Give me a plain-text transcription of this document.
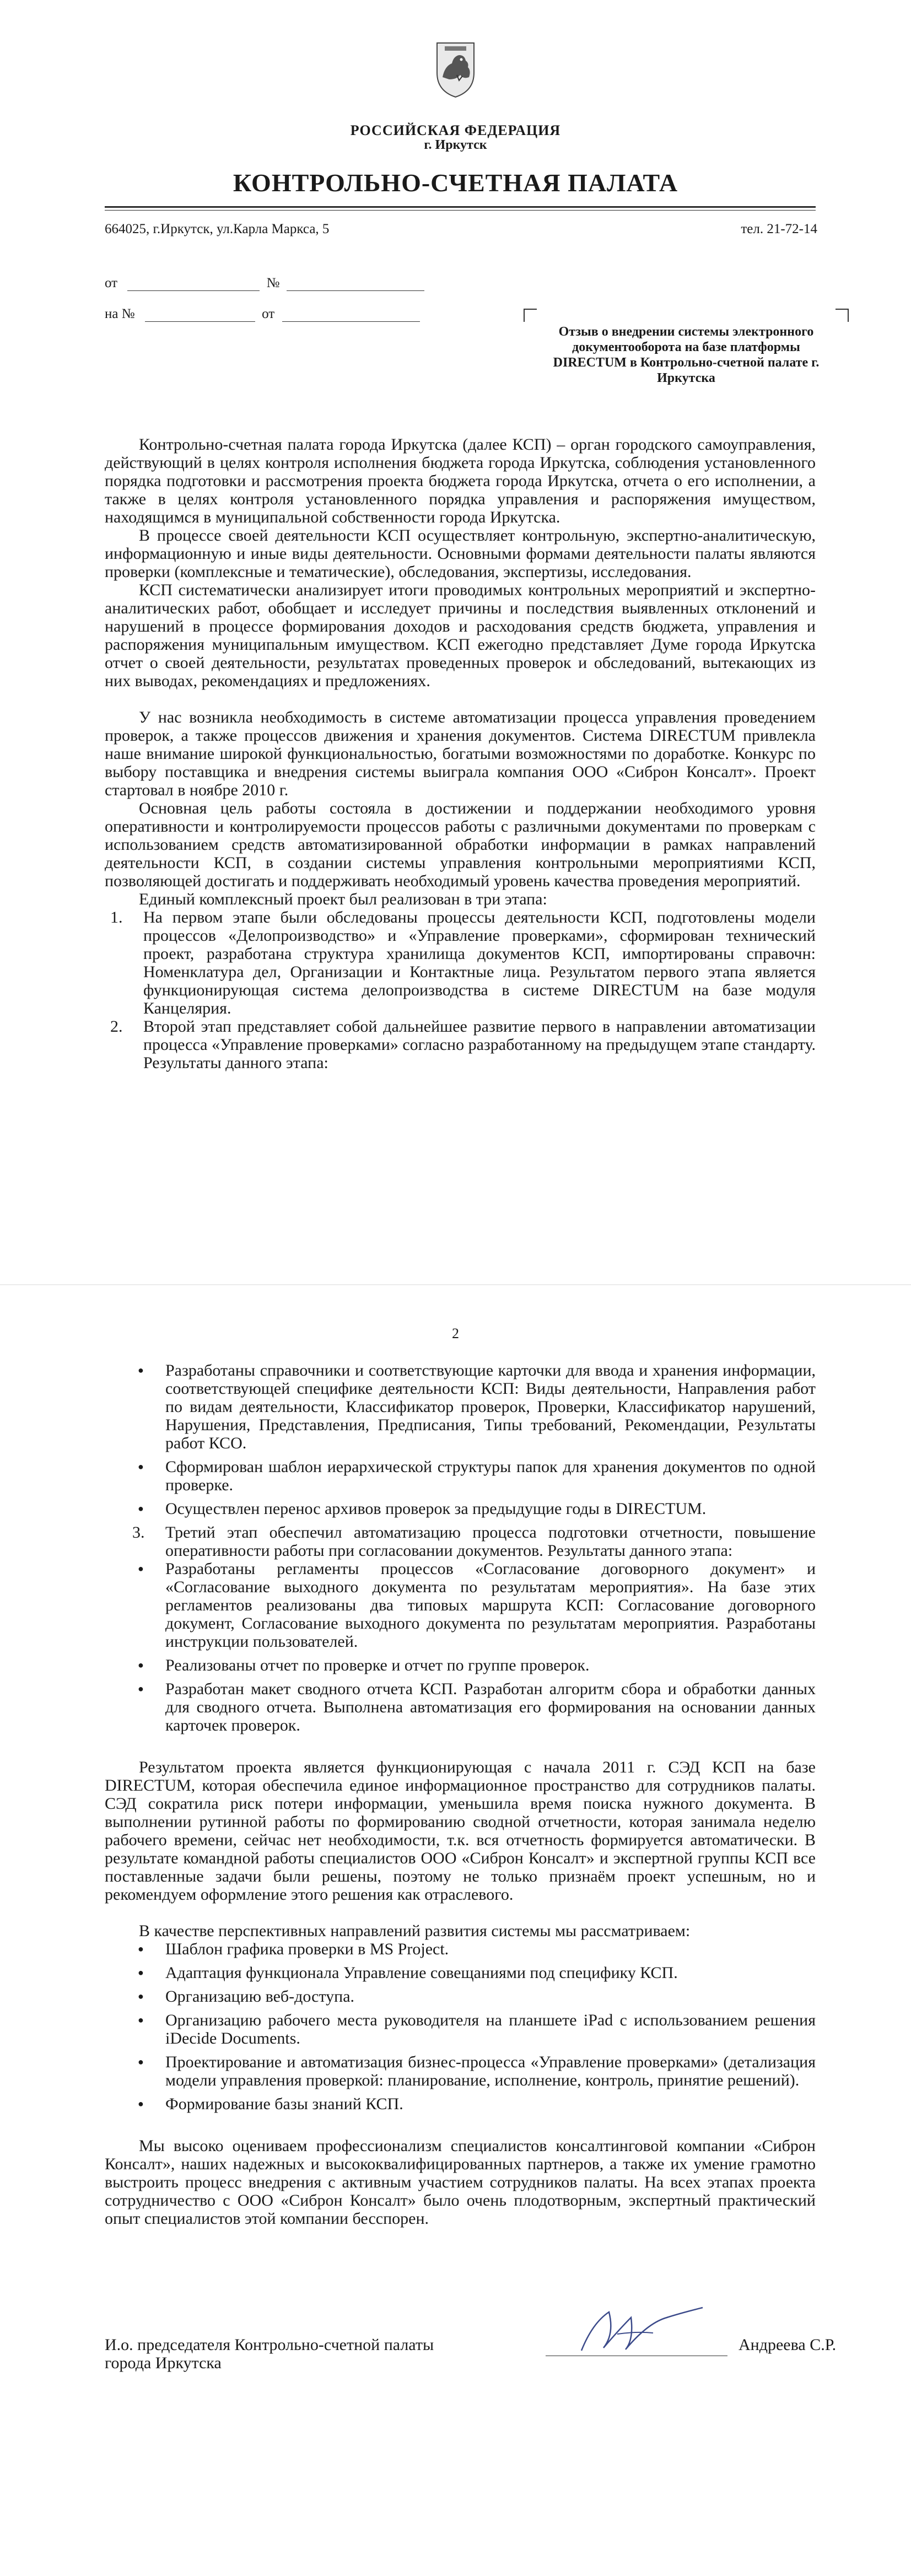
РОССИЙСКАЯ ФЕДЕРАЦИЯ
г. Иркутск
КОНТРОЛЬНО-СЧЕТНАЯ ПАЛАТА
664025, г.Иркутск, ул.Карла Маркса, 5	тел. 21-72-14
от	№
на №	от
Отзыв о внедрении системы электронного документооборота на базе платформы DIRECTUM в Контрольно-счетной палате г. Иркутска

Контрольно-счетная палата города Иркутска (далее КСП) – орган городского самоуправления, действующий в целях контроля исполнения бюджета города Иркутска, соблюдения установленного порядка подготовки и рассмотрения проекта бюджета города Иркутска, отчета о его исполнении, а также в целях контроля установленного порядка управления и распоряжения имуществом, находящимся в муниципальной собственности города Иркутска.

В процессе своей деятельности КСП осуществляет контрольную, экспертно-аналитическую, информационную и иные виды деятельности. Основными формами деятельности палаты являются проверки (комплексные и тематические), обследования, экспертизы, исследования.

КСП систематически анализирует итоги проводимых контрольных мероприятий и экспертно-аналитических работ, обобщает и исследует причины и последствия выявленных отклонений и нарушений в процессе формирования доходов и расходования средств бюджета, управления и распоряжения муниципальным имуществом. КСП ежегодно представляет Думе города Иркутска отчет о своей деятельности, результатах проведенных проверок и обследований, вытекающих из них выводах, рекомендациях и предложениях.

У нас возникла необходимость в системе автоматизации процесса управления проведением проверок, а также процессов движения и хранения документов. Система DIRECTUM привлекла наше внимание широкой функциональностью, богатыми возможностями по доработке. Конкурс по выбору поставщика и внедрения системы выиграла компания ООО «Сиброн Консалт». Проект стартовал в ноябре 2010 г.

Основная цель работы состояла в достижении и поддержании необходимого уровня оперативности и контролируемости процессов работы с различными документами по проверкам с использованием средств автоматизированной обработки информации в рамках направлений деятельности КСП, в создании системы управления контрольными мероприятиями КСП, позволяющей достигать и поддерживать необходимый уровень качества проведения мероприятий.

Единый комплексный проект был реализован в три этапа:

1.	На первом этапе были обследованы процессы деятельности КСП, подготовлены модели процессов «Делопроизводство» и «Управление проверками», сформирован технический проект, разработана структура хранилища документов КСП, импортированы справочн: Номенклатура дел, Организации и Контактные лица. Результатом первого этапа является функционирующая система делопроизводства в системе DIRECTUM на базе модуля Канцелярия.
2.	Второй этап представляет собой дальнейшее развитие первого в направлении автоматизации процесса «Управление проверками» согласно разработанному на предыдущем этапе стандарту. Результаты данного этапа:
2
● Разработаны справочники и соответствующие карточки для ввода и хранения информации, соответствующей специфике деятельности КСП: Виды деятельности, Направления работ по видам деятельности, Классификатор проверок, Проверки, Классификатор нарушений, Нарушения, Представления, Предписания, Типы требований, Рекомендации, Результаты работ КСО.
● Сформирован шаблон иерархической структуры папок для хранения документов по одной проверке.
● Осуществлен перенос архивов проверок за предыдущие годы в DIRECTUM.
3.	Третий этап обеспечил автоматизацию процесса подготовки отчетности, повышение оперативности работы при согласовании документов. Результаты данного этапа:
● Разработаны регламенты процессов «Согласование договорного документ» и «Согласование выходного документа по результатам мероприятия». На базе этих регламентов реализованы два типовых маршрута КСП: Согласование договорного документ, Согласование выходного документа по результатам мероприятия. Разработаны инструкции пользователей.
● Реализованы отчет по проверке и отчет по группе проверок.
● Разработан макет сводного отчета КСП. Разработан алгоритм сбора и обработки данных для сводного отчета. Выполнена автоматизация его формирования на основании данных карточек проверок.

Результатом проекта является функционирующая с начала 2011 г. СЭД КСП на базе DIRECTUM, которая обеспечила единое информационное пространство для сотрудников палаты. СЭД сократила риск потери информации, уменьшила время поиска нужного документа. В выполнении рутинной работы по формированию сводной отчетности, которая занимала неделю рабочего времени, сейчас нет необходимости, т.к. вся отчетность формируется автоматически. В результате командной работы специалистов ООО «Сиброн Консалт» и экспертной группы КСП все поставленные задачи были решены, поэтому не только признаём проект успешным, но и рекомендуем оформление этого решения как отраслевого.

В качестве перспективных направлений развития системы мы рассматриваем:

● Шаблон графика проверки в MS Project.
● Адаптация функционала Управление совещаниями под специфику КСП.
● Организацию веб-доступа.
● Организацию рабочего места руководителя на планшете iPad с использованием решения iDecide Documents.
● Проектирование и автоматизация бизнес-процесса «Управление проверками» (детализация модели управления проверкой: планирование, исполнение, контроль, принятие решений).
● Формирование базы знаний КСП.

Мы высоко оцениваем профессионализм специалистов консалтинговой компании «Сиброн Консалт», наших надежных и высококвалифицированных партнеров, а также их умение грамотно выстроить процесс внедрения с активным участием сотрудников палаты. На всех этапах проекта сотрудничество с ООО «Сиброн Консалт» было очень плодотворным, экспертный практический опыт специалистов этой компании бесспорен.

И.о. председателя Контрольно-счетной палаты
города Иркутска
Андреева С.Р.
